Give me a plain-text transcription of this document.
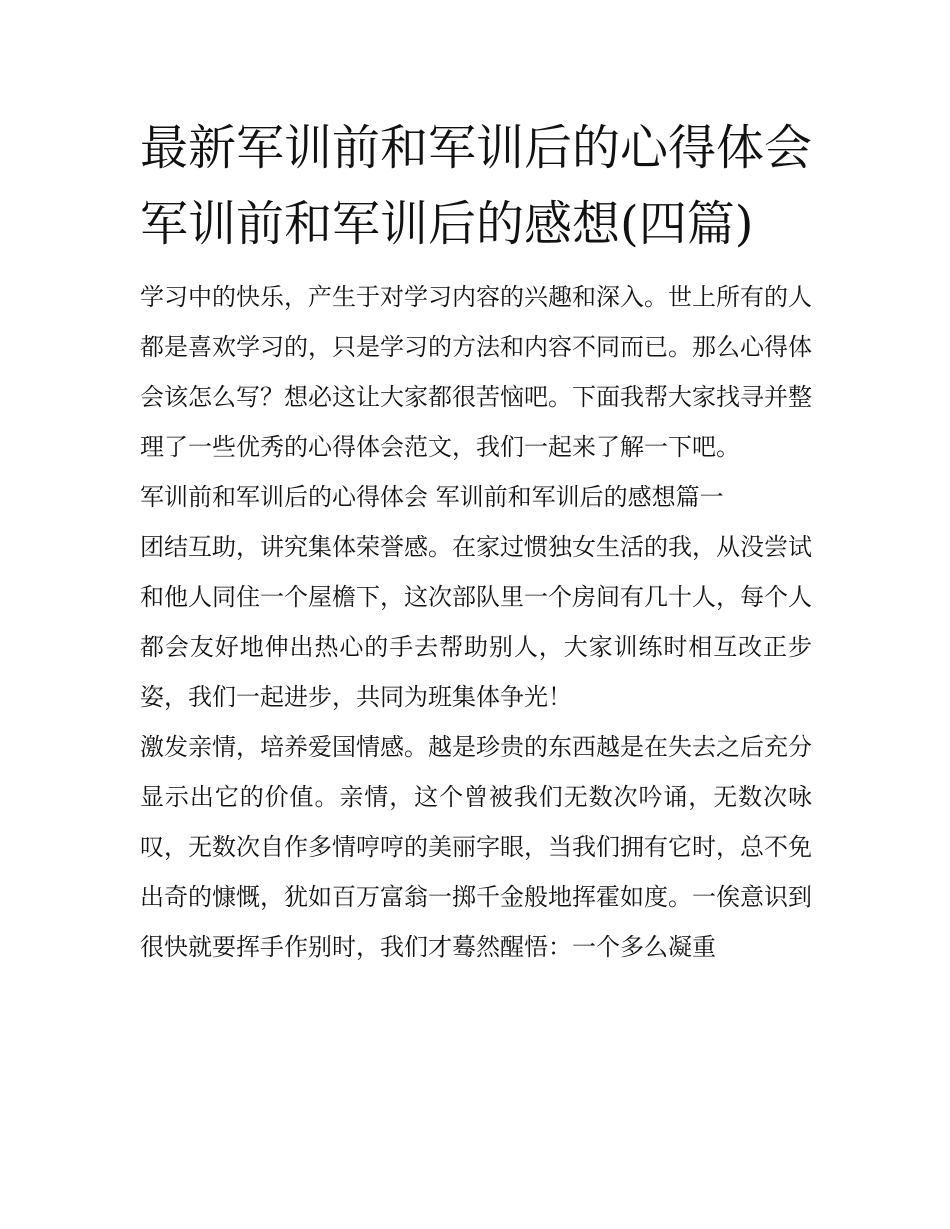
最新军训前和军训后的心得体会 军训前和军训后的感想(四篇)

学习中的快乐，产生于对学习内容的兴趣和深入。世上所有的人都是喜欢学习的，只是学习的方法和内容不同而已。那么心得体会该怎么写？想必这让大家都很苦恼吧。下面我帮大家找寻并整理了一些优秀的心得体会范文，我们一起来了解一下吧。

军训前和军训后的心得体会 军训前和军训后的感想篇一

团结互助，讲究集体荣誉感。在家过惯独女生活的我，从没尝试和他人同住一个屋檐下，这次部队里一个房间有几十人，每个人都会友好地伸出热心的手去帮助别人，大家训练时相互改正步姿，我们一起进步，共同为班集体争光！

激发亲情，培养爱国情感。越是珍贵的东西越是在失去之后充分显示出它的价值。亲情，这个曾被我们无数次吟诵，无数次咏叹，无数次自作多情哼哼的美丽字眼，当我们拥有它时，总不免出奇的慷慨，犹如百万富翁一掷千金般地挥霍如度。一俟意识到很快就要挥手作别时，我们才蓦然醒悟：一个多么凝重
